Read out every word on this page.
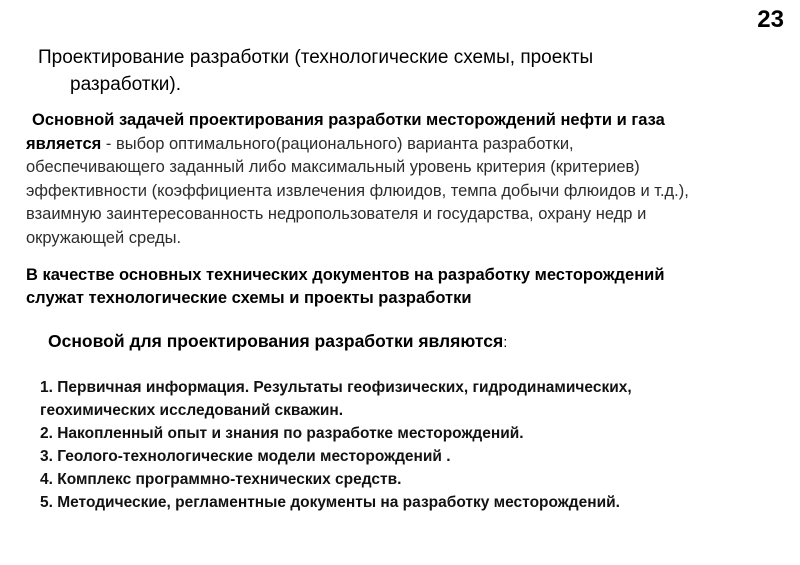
23
Проектирование разработки (технологические схемы, проекты
разработки).
Основной задачей проектирования разработки месторождений нефти и газа
является - выбор оптимального(рационального) варианта разработки,
обеспечивающего заданный либо максимальный уровень критерия (критериев)
эффективности (коэффициента извлечения флюидов, темпа добычи флюидов и т.д.),
взаимную заинтересованность недропользователя и государства, охрану недр и
окружающей среды.
В качестве основных технических документов на разработку месторождений
служат технологические схемы и проекты разработки
Основой для проектирования разработки являются:
1. Первичная информация. Результаты геофизических, гидродинамических,
геохимических исследований скважин.
2. Накопленный опыт и знания по разработке месторождений.
3. Геолого-технологические модели месторождений .
4. Комплекс программно-технических средств.
5. Методические, регламентные документы на разработку месторождений.
